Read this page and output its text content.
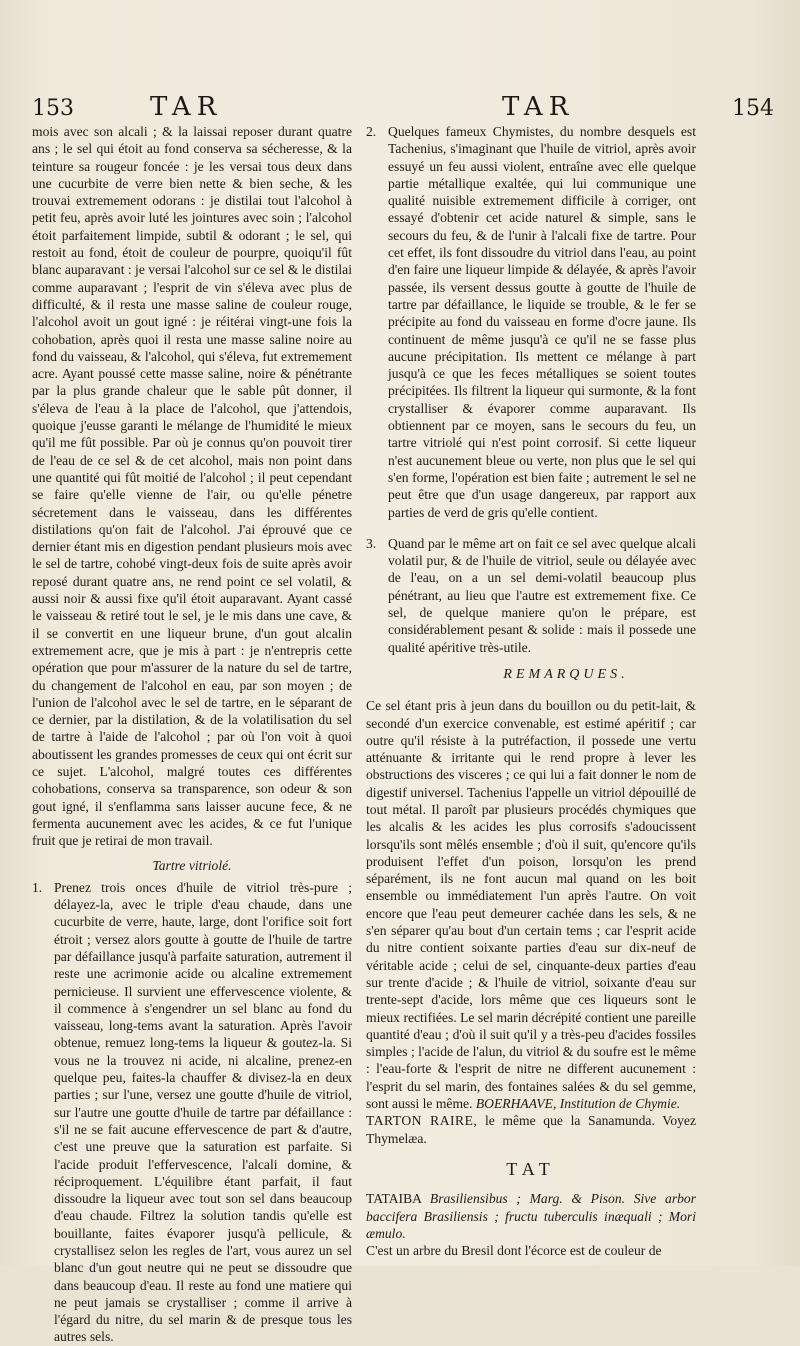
153	TAR	TAR	154

mois avec son alcali ; & la laissai reposer durant quatre ans ; le sel qui étoit au fond conserva sa sécheresse, & la teinture sa rougeur foncée : je les versai tous deux dans une cucurbite de verre bien nette & bien seche, & les trouvai extremement odorans : je distilai tout l'alcohol à petit feu, après avoir luté les jointures avec soin ; l'alcohol étoit parfaitement limpide, subtil & odorant ; le sel, qui restoit au fond, étoit de couleur de pourpre, quoiqu'il fût blanc auparavant : je versai l'alcohol sur ce sel & le distilai comme auparavant ; l'esprit de vin s'éleva avec plus de difficulté, & il resta une masse saline de couleur rouge, l'alcohol avoit un gout igné : je réitérai vingt-une fois la cohobation, après quoi il resta une masse saline noire au fond du vaisseau, & l'alcohol, qui s'éleva, fut extremement acre. Ayant poussé cette masse saline, noire & pénétrante par la plus grande chaleur que le sable pût donner, il s'éleva de l'eau à la place de l'alcohol, que j'attendois, quoique j'eusse garanti le mélange de l'humidité le mieux qu'il me fût possible. Par où je connus qu'on pouvoit tirer de l'eau de ce sel & de cet alcohol, mais non point dans une quantité qui fût moitié de l'alcohol ; il peut cependant se faire qu'elle vienne de l'air, ou qu'elle pénetre sécretement dans le vaisseau, dans les différentes distilations qu'on fait de l'alcohol. J'ai éprouvé que ce dernier étant mis en digestion pendant plusieurs mois avec le sel de tartre, cohobé vingt-deux fois de suite après avoir reposé durant quatre ans, ne rend point ce sel volatil, & aussi noir & aussi fixe qu'il étoit auparavant. Ayant cassé le vaisseau & retiré tout le sel, je le mis dans une cave, & il se convertit en une liqueur brune, d'un gout alcalin extremement acre, que je mis à part : je n'entrepris cette opération que pour m'assurer de la nature du sel de tartre, du changement de l'alcohol en eau, par son moyen ; de l'union de l'alcohol avec le sel de tartre, en le séparant de ce dernier, par la distilation, & de la volatilisation du sel de tartre à l'aide de l'alcohol ; par où l'on voit à quoi aboutissent les grandes promesses de ceux qui ont écrit sur ce sujet. L'alcohol, malgré toutes ces différentes cohobations, conserva sa transparence, son odeur & son gout igné, il s'enflamma sans laisser aucune fece, & ne fermenta aucunement avec les acides, & ce fut l'unique fruit que je retirai de mon travail.

Tartre vitriolé.
1. Prenez trois onces d'huile de vitriol très-pure ; délayez-la, avec le triple d'eau chaude, dans une cucurbite de verre, haute, large, dont l'orifice soit fort étroit ; versez alors goutte à goutte de l'huile de tartre par défaillance jusqu'à parfaite saturation, autrement il reste une acrimonie acide ou alcaline extremement pernicieuse. Il survient une effervescence violente, & il commence à s'engendrer un sel blanc au fond du vaisseau, long-tems avant la saturation. Après l'avoir obtenue, remuez long-tems la liqueur & goutez-la. Si vous ne la trouvez ni acide, ni alcaline, prenez-en quelque peu, faites-la chauffer & divisez-la en deux parties ; sur l'une, versez une goutte d'huile de vitriol, sur l'autre une goutte d'huile de tartre par défaillance : s'il ne se fait aucune effervescence de part & d'autre, c'est une preuve que la saturation est parfaite. Si l'acide produit l'effervescence, l'alcali domine, & réciproquement. L'équilibre étant parfait, il faut dissoudre la liqueur avec tout son sel dans beaucoup d'eau chaude. Filtrez la solution tandis qu'elle est bouillante, faites évaporer jusqu'à pellicule, & crystallisez selon les regles de l'art, vous aurez un sel blanc d'un gout neutre qui ne peut se dissoudre que dans beaucoup d'eau. Il reste au fond une matiere qui ne peut jamais se crystalliser ; comme il arrive à l'égard du nitre, du sel marin & de presque tous les autres sels.
2. Quelques fameux Chymistes, du nombre desquels est Tachenius, s'imaginant que l'huile de vitriol, après avoir essuyé un feu aussi violent, entraîne avec elle quelque partie métallique exaltée, qui lui communique une qualité nuisible extremement difficile à corriger, ont essayé d'obtenir cet acide naturel & simple, sans le secours du feu, & de l'unir à l'alcali fixe de tartre. Pour cet effet, ils font dissoudre du vitriol dans l'eau, au point d'en faire une liqueur limpide & délayée, & après l'avoir passée, ils versent dessus goutte à goutte de l'huile de tartre par défaillance, le liquide se trouble, & le fer se précipite au fond du vaisseau en forme d'ocre jaune. Ils continuent de même jusqu'à ce qu'il ne se fasse plus aucune précipitation. Ils mettent ce mélange à part jusqu'à ce que les feces métalliques se soient toutes précipitées. Ils filtrent la liqueur qui surmonte, & la font crystalliser & évaporer comme auparavant. Ils obtiennent par ce moyen, sans le secours du feu, un tartre vitriolé qui n'est point corrosif. Si cette liqueur n'est aucunement bleue ou verte, non plus que le sel qui s'en forme, l'opération est bien faite ; autrement le sel ne peut être que d'un usage dangereux, par rapport aux parties de verd de gris qu'elle contient.
3. Quand par le même art on fait ce sel avec quelque alcali volatil pur, & de l'huile de vitriol, seule ou délayée avec de l'eau, on a un sel demi-volatil beaucoup plus pénétrant, au lieu que l'autre est extremement fixe. Ce sel, de quelque maniere qu'on le prépare, est considérablement pesant & solide : mais il possede une qualité apéritive très-utile.
REMARQUES.

Ce sel étant pris à jeun dans du bouillon ou du petit-lait, & secondé d'un exercice convenable, est estimé apéritif ; car outre qu'il résiste à la putréfaction, il possede une vertu atténuante & irritante qui le rend propre à lever les obstructions des visceres ; ce qui lui a fait donner le nom de digestif universel. Tachenius l'appelle un vitriol dépouillé de tout métal. Il paroît par plusieurs procédés chymiques que les alcalis & les acides les plus corrosifs s'adoucissent lorsqu'ils sont mêlés ensemble ; d'où il suit, qu'encore qu'ils produisent l'effet d'un poison, lorsqu'on les prend séparément, ils ne font aucun mal quand on les boit ensemble ou immédiatement l'un après l'autre. On voit encore que l'eau peut demeurer cachée dans les sels, & ne s'en séparer qu'au bout d'un certain tems ; car l'esprit acide du nitre contient soixante parties d'eau sur dix-neuf de véritable acide ; celui de sel, cinquante-deux parties d'eau sur trente d'acide ; & l'huile de vitriol, soixante d'eau sur trente-sept d'acide, lors même que ces liqueurs sont le mieux rectifiées. Le sel marin décrépité contient une pareille quantité d'eau ; d'où il suit qu'il y a très-peu d'acides fossiles simples ; l'acide de l'alun, du vitriol & du soufre est le même : l'eau-forte & l'esprit de nitre ne different aucunement : l'esprit du sel marin, des fontaines salées & du sel gemme, sont aussi le même. BOERHAAVE, Institution de Chymie.

TARTON RAIRE, le même que la Sanamunda. Voyez Thymelæa.

TAT

TATAIBA Brasiliensibus ; Marg. & Pison. Sive arbor baccifera Brasiliensis ; fructu tuberculis inæquali ; Mori æmulo.

C'est un arbre du Bresil dont l'écorce est de couleur de
